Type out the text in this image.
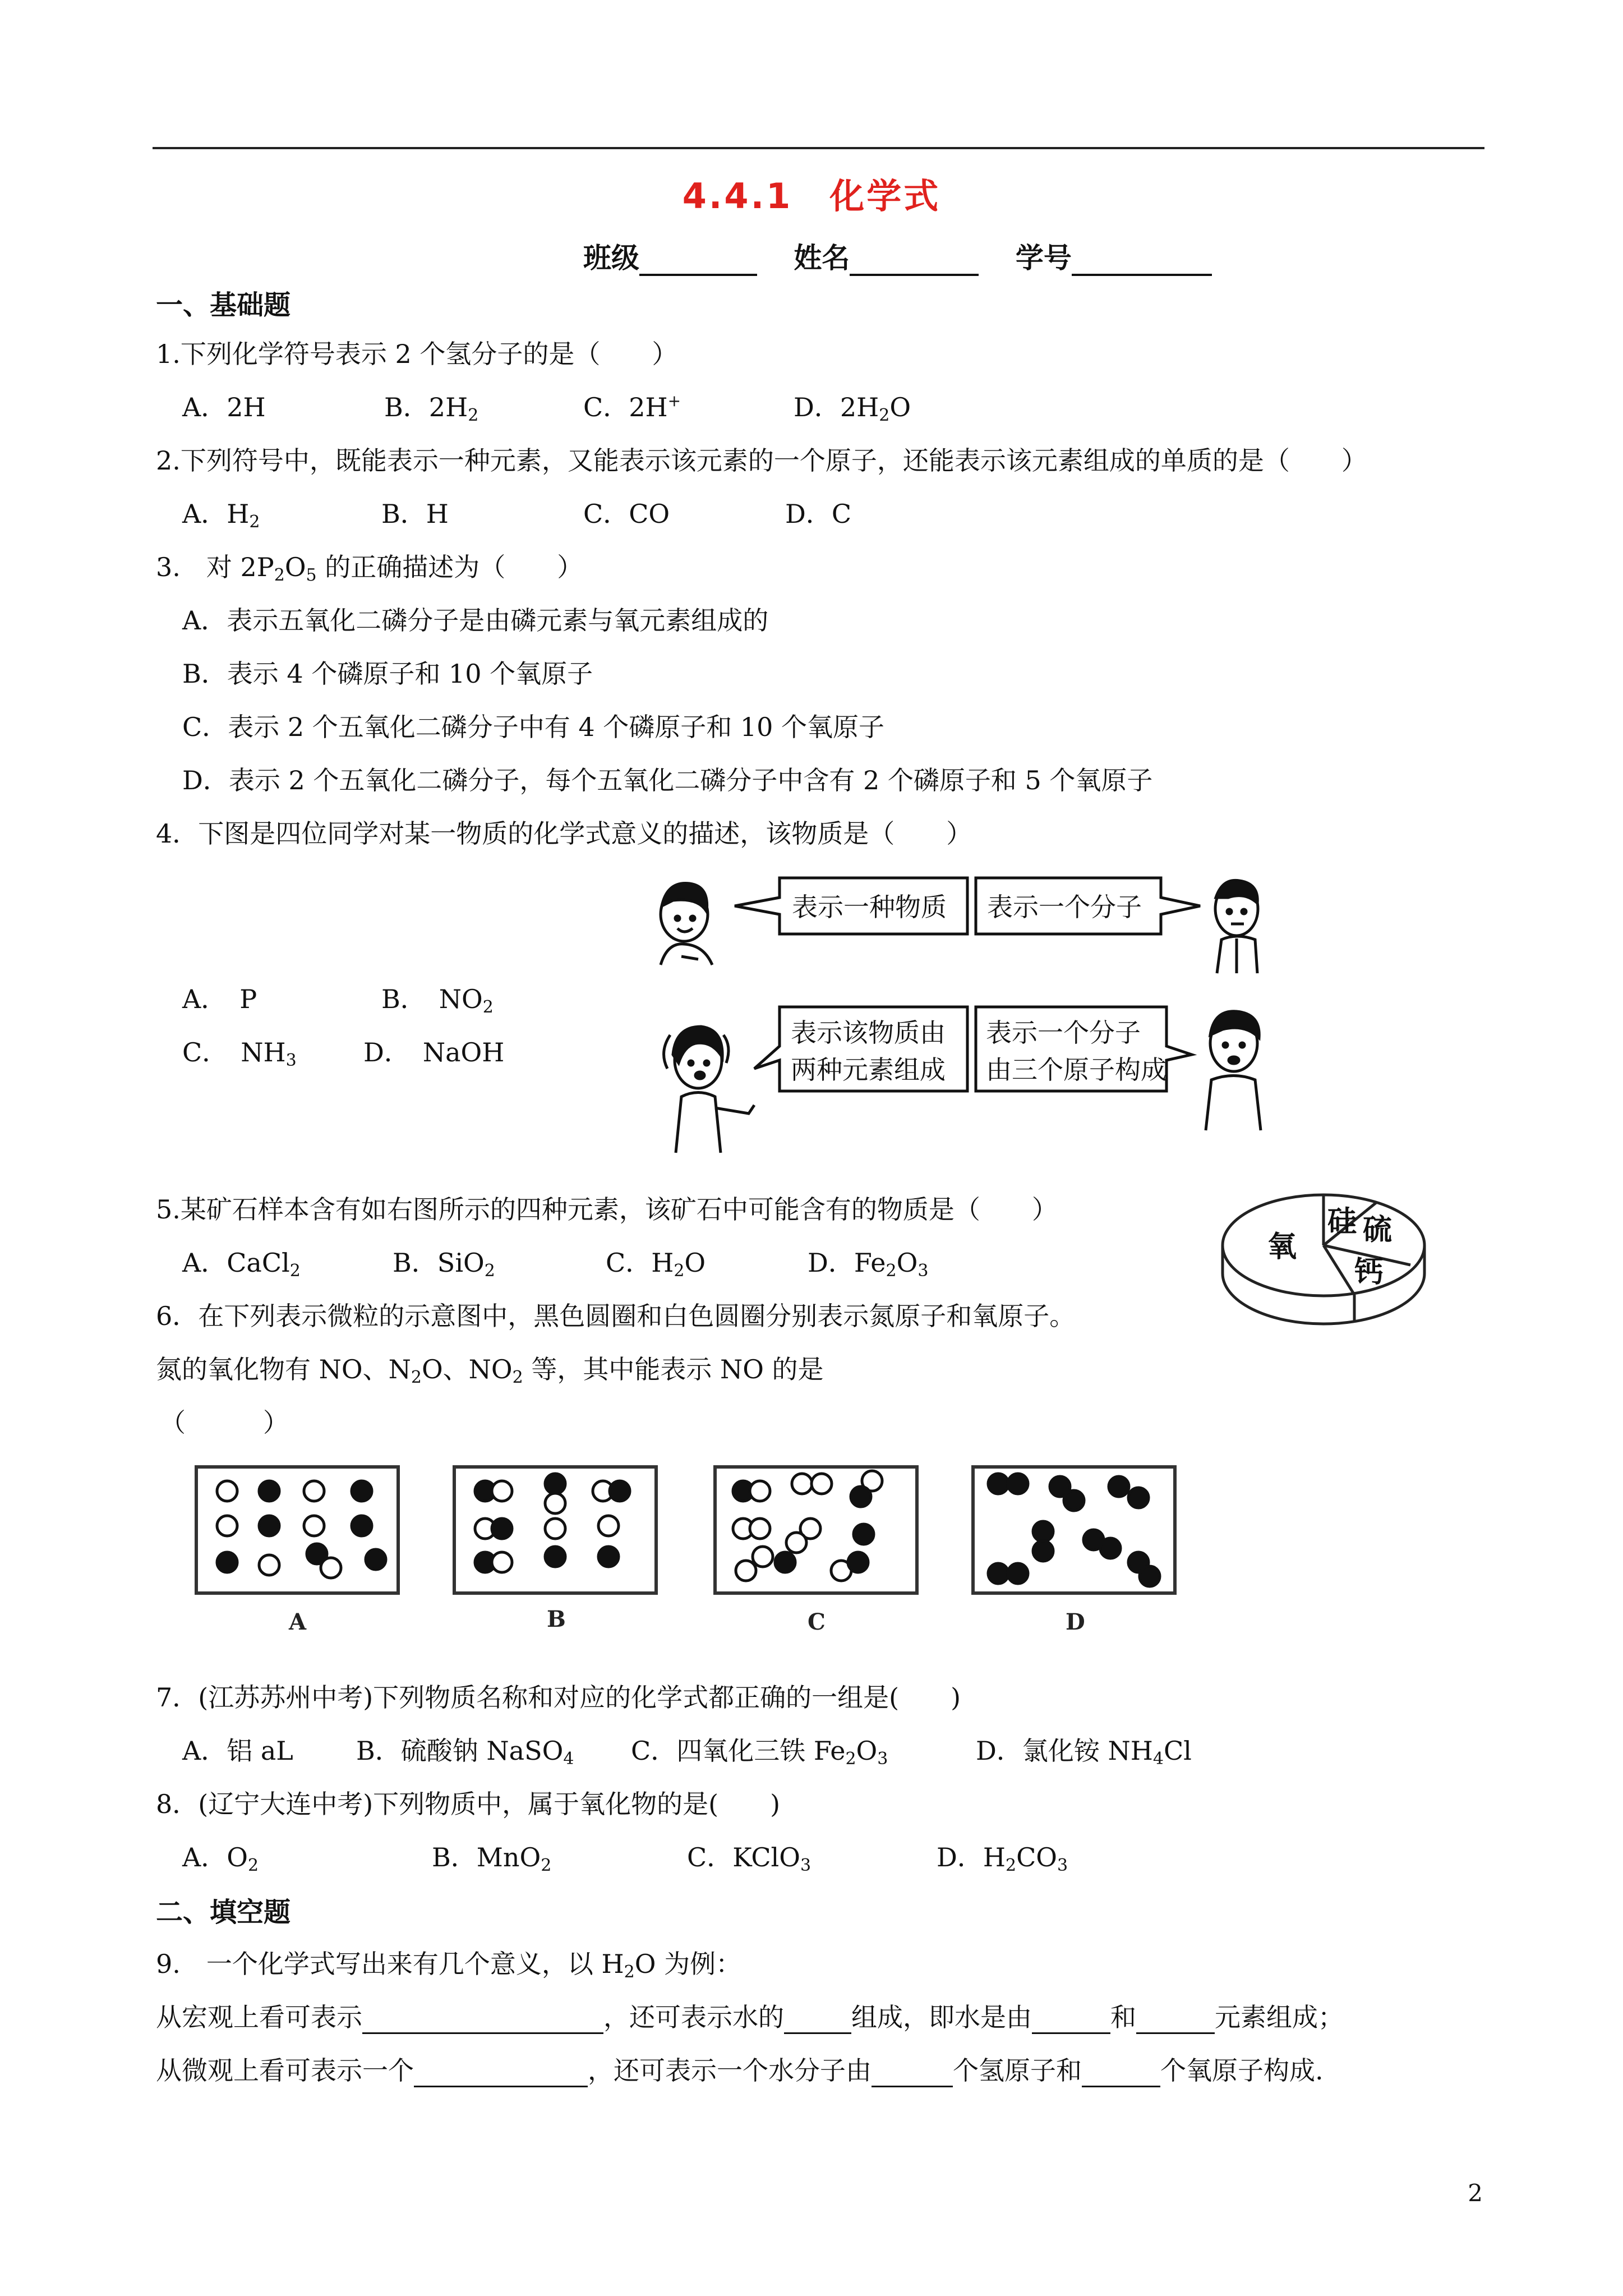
4.4.1　化学式
班级	姓名	学号
一、基础题
1.下列化学符号表示 2 个氢分子的是（　　）
A．2H	B．$2H_2$	C．2H+	D．$2H_2O$
2.下列符号中，既能表示一种元素，又能表示该元素的一个原子，还能表示该元素组成的单质的是（　　）
A．$H_2$	B．H	C．CO	D．C
3.　对 $2P_2O_5$ 的正确描述为（　　）
A．表示五氧化二磷分子是由磷元素与氧元素组成的
B．表示 4 个磷原子和 10 个氧原子
C．表示 2 个五氧化二磷分子中有 4 个磷原子和 10 个氧原子
D．表示 2 个五氧化二磷分子，每个五氧化二磷分子中含有 2 个磷原子和 5 个氧原子
4．下图是四位同学对某一物质的化学式意义的描述，该物质是（　　）
A．　P	B．　$NO_2$
C．　$NH_3$	D．　NaOH
表示一种物质 表示一个分子
表示该物质由
两种元素组成
表示一个分子
由三个原子构成
5.某矿石样本含有如右图所示的四种元素，该矿石中可能含有的物质是（　　）
A．CaCl$_2$	B．SiO$_2$	C．$H_2O$	D．$Fe_2O_3$
氧
硅 硫
钙
6．在下列表示微粒的示意图中，黑色圆圈和白色圆圈分别表示氮原子和氧原子。
氮的氧化物有 NO、$N_2O$、$NO_2$ 等，其中能表示 NO 的是
（　　　）
A	B	C	D
7．(江苏苏州中考)下列物质名称和对应的化学式都正确的一组是(　　)
A．铝 aL B．硫酸钠 NaSO$_4$ C．四氧化三铁 $Fe_2O_3$	D．氯化铵 $NH_4Cl$
8．(辽宁大连中考)下列物质中，属于氧化物的是(　　)
A．$O_2$	B．MnO$_2$	C．KClO$_3$	D．$H_2CO_3$
二、填空题
9.　一个化学式写出来有几个意义，以 $H_2O$ 为例：
从宏观上看可表示	，还可表示水的	组成，即水是由	和	元素组成；
从微观上看可表示一个	，还可表示一个水分子由	个氢原子和	个氧原子构成.
2
